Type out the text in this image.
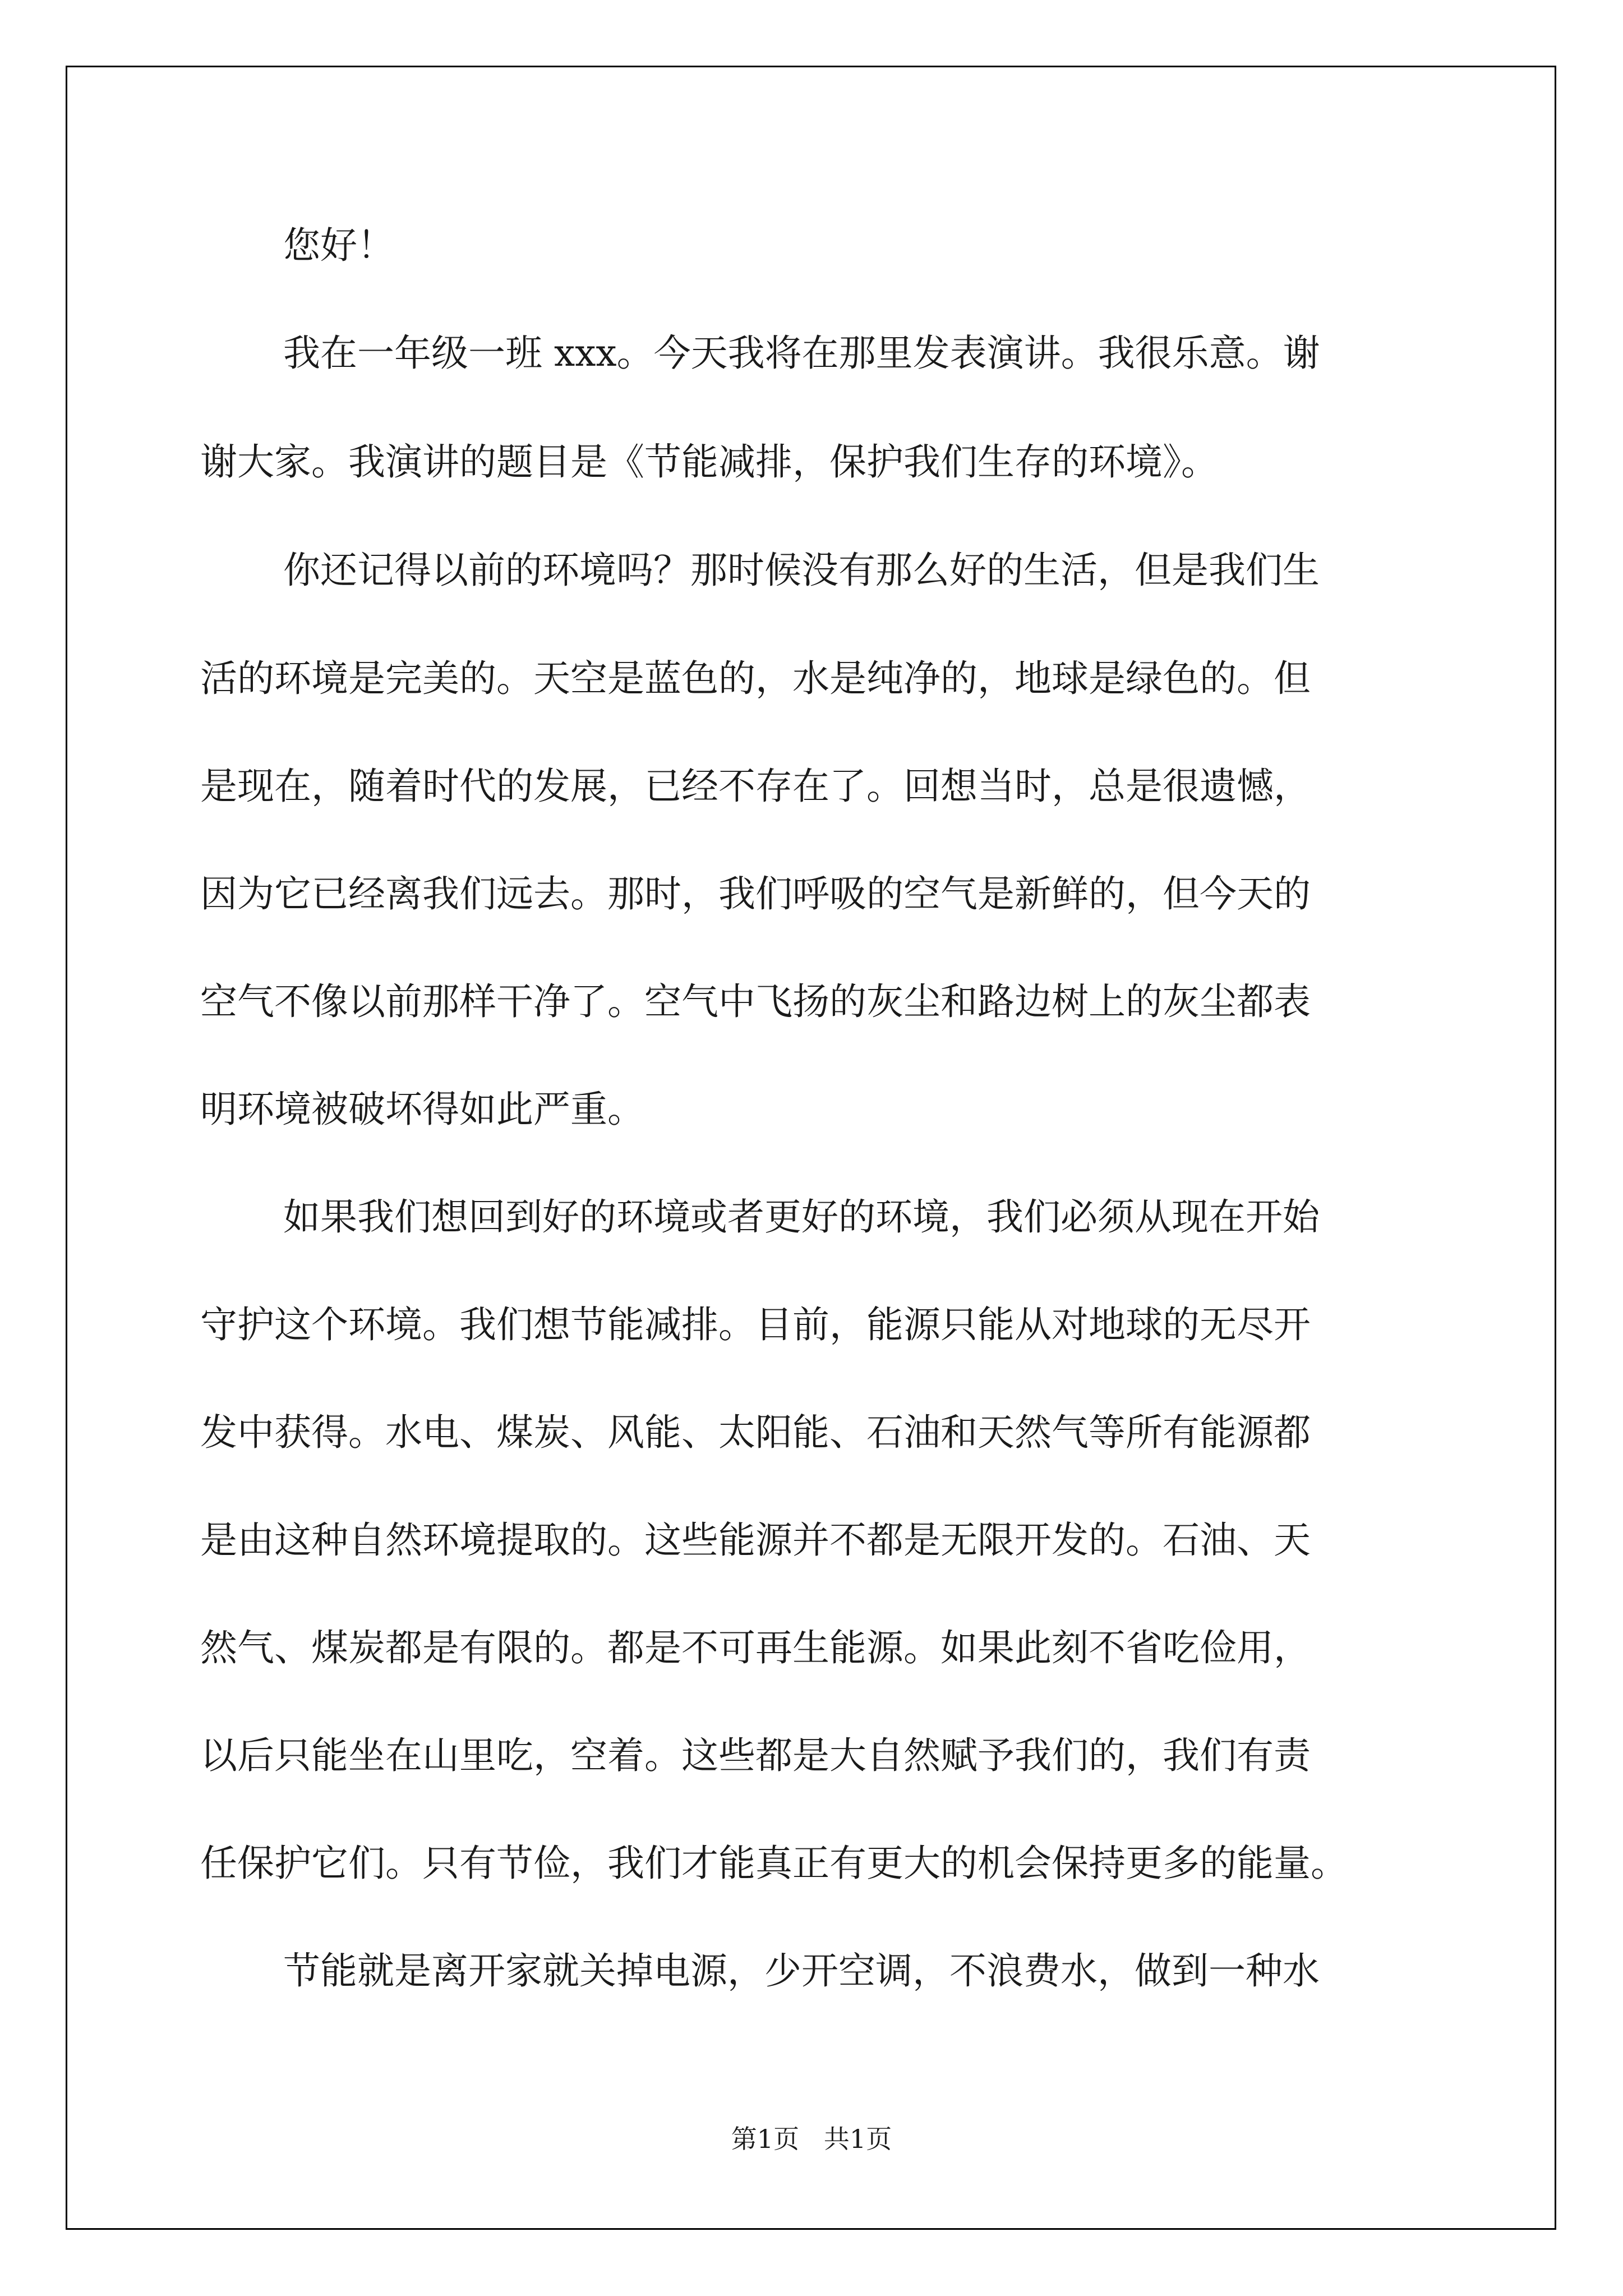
您好！
我在一年级一班 xxx。今天我将在那里发表演讲。我很乐意。谢
谢大家。我演讲的题目是《节能减排，保护我们生存的环境》。
你还记得以前的环境吗？那时候没有那么好的生活，但是我们生
活的环境是完美的。天空是蓝色的，水是纯净的，地球是绿色的。但
是现在，随着时代的发展，已经不存在了。回想当时，总是很遗憾，
因为它已经离我们远去。那时，我们呼吸的空气是新鲜的，但今天的
空气不像以前那样干净了。空气中飞扬的灰尘和路边树上的灰尘都表
明环境被破坏得如此严重。
如果我们想回到好的环境或者更好的环境，我们必须从现在开始
守护这个环境。我们想节能减排。目前，能源只能从对地球的无尽开
发中获得。水电、煤炭、风能、太阳能、石油和天然气等所有能源都
是由这种自然环境提取的。这些能源并不都是无限开发的。石油、天
然气、煤炭都是有限的。都是不可再生能源。如果此刻不省吃俭用，
以后只能坐在山里吃，空着。这些都是大自然赋予我们的，我们有责
任保护它们。只有节俭，我们才能真正有更大的机会保持更多的能量。
节能就是离开家就关掉电源，少开空调，不浪费水，做到一种水
第1页   共1页
